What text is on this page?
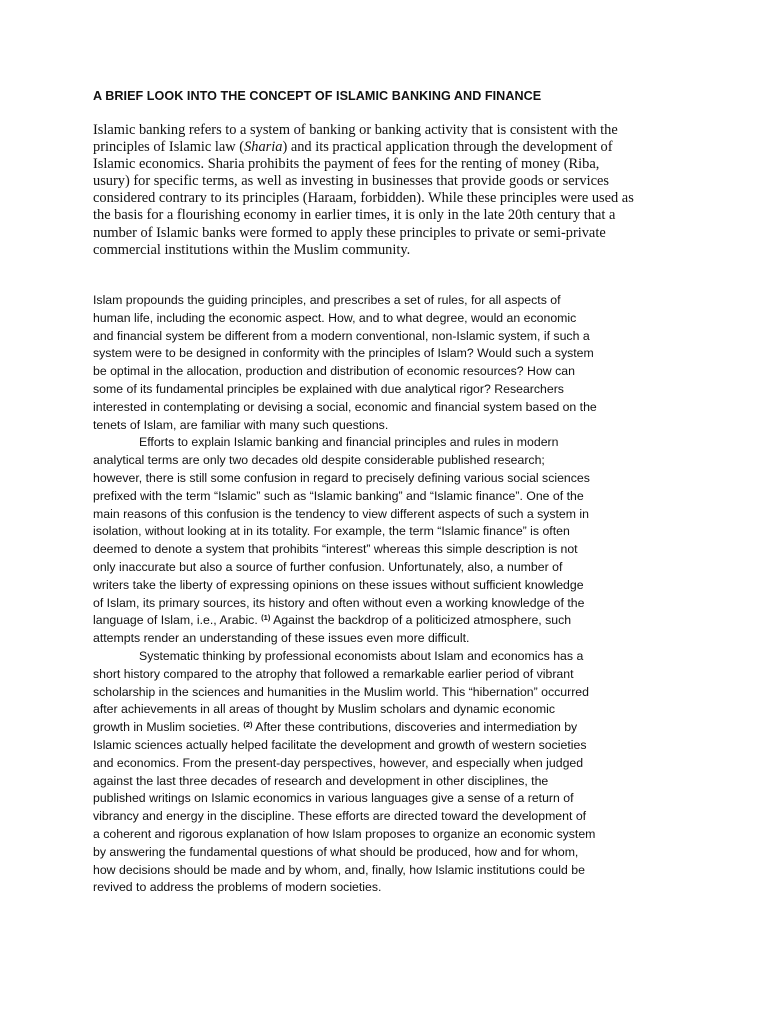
A BRIEF LOOK INTO THE CONCEPT OF ISLAMIC BANKING AND FINANCE
Islamic banking refers to a system of banking or banking activity that is consistent with the
principles of Islamic law (Sharia) and its practical application through the development of
Islamic economics. Sharia prohibits the payment of fees for the renting of money (Riba,
usury) for specific terms, as well as investing in businesses that provide goods or services
considered contrary to its principles (Haraam, forbidden). While these principles were used as
the basis for a flourishing economy in earlier times, it is only in the late 20th century that a
number of Islamic banks were formed to apply these principles to private or semi-private
commercial institutions within the Muslim community.
Islam propounds the guiding principles, and prescribes a set of rules, for all aspects of
human life, including the economic aspect. How, and to what degree, would an economic
and financial system be different from a modern conventional, non-Islamic system, if such a
system were to be designed in conformity with the principles of Islam? Would such a system
be optimal in the allocation, production and distribution of economic resources? How can
some of its fundamental principles be explained with due analytical rigor? Researchers
interested in contemplating or devising a social, economic and financial system based on the
tenets of Islam, are familiar with many such questions.
Efforts to explain Islamic banking and financial principles and rules in modern
analytical terms are only two decades old despite considerable published research;
however, there is still some confusion in regard to precisely defining various social sciences
prefixed with the term “Islamic” such as “Islamic banking” and “Islamic finance”. One of the
main reasons of this confusion is the tendency to view different aspects of such a system in
isolation, without looking at in its totality. For example, the term “Islamic finance” is often
deemed to denote a system that prohibits “interest” whereas this simple description is not
only inaccurate but also a source of further confusion. Unfortunately, also, a number of
writers take the liberty of expressing opinions on these issues without sufficient knowledge
of Islam, its primary sources, its history and often without even a working knowledge of the
language of Islam, i.e., Arabic. $^{(1)}$ Against the backdrop of a politicized atmosphere, such
attempts render an understanding of these issues even more difficult.
Systematic thinking by professional economists about Islam and economics has a
short history compared to the atrophy that followed a remarkable earlier period of vibrant
scholarship in the sciences and humanities in the Muslim world. This “hibernation” occurred
after achievements in all areas of thought by Muslim scholars and dynamic economic
growth in Muslim societies. $^{(2)}$ After these contributions, discoveries and intermediation by
Islamic sciences actually helped facilitate the development and growth of western societies
and economics. From the present-day perspectives, however, and especially when judged
against the last three decades of research and development in other disciplines, the
published writings on Islamic economics in various languages give a sense of a return of
vibrancy and energy in the discipline. These efforts are directed toward the development of
a coherent and rigorous explanation of how Islam proposes to organize an economic system
by answering the fundamental questions of what should be produced, how and for whom,
how decisions should be made and by whom, and, finally, how Islamic institutions could be
revived to address the problems of modern societies.
